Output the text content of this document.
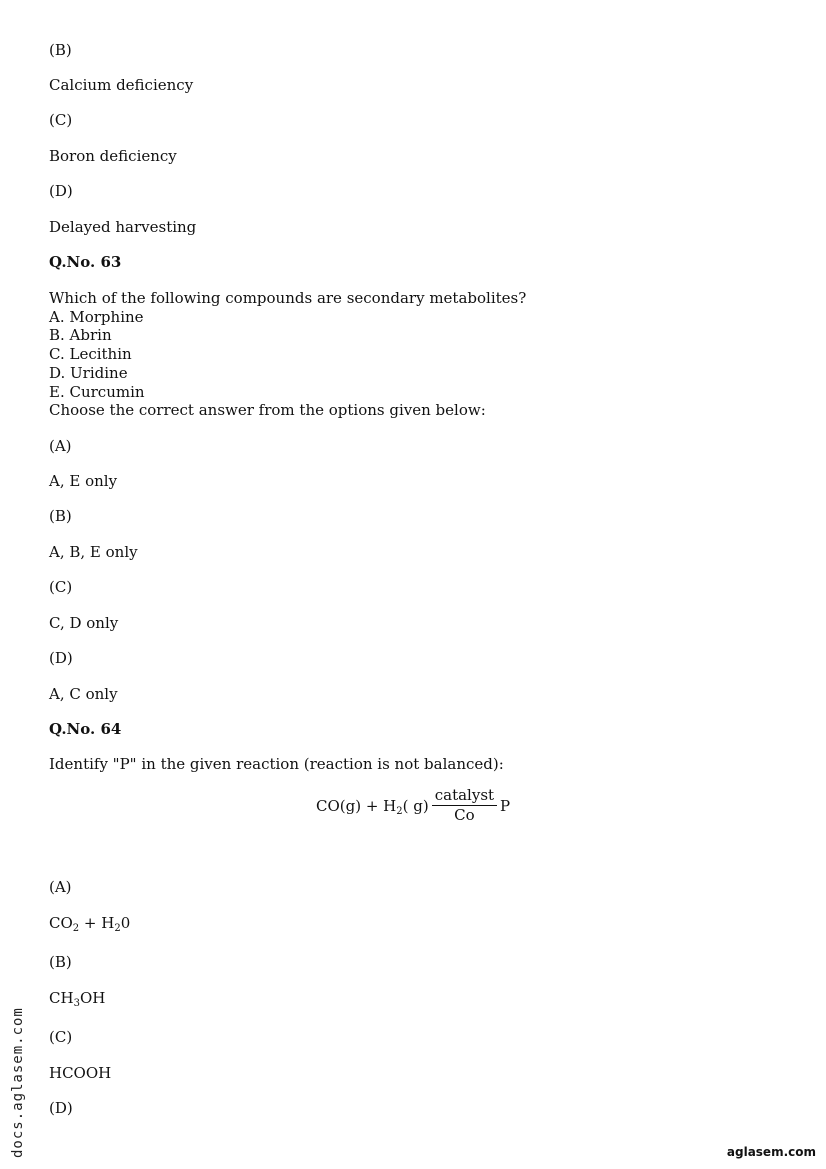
(B)
Calcium deficiency
(C)
Boron deficiency
(D)
Delayed harvesting
Q.No. 63
Which of the following compounds are secondary metabolites?
A. Morphine
B. Abrin
C. Lecithin
D. Uridine
E. Curcumin
Choose the correct answer from the options given below:
(A)
A, E only
(B)
A, B, E only
(C)
C, D only
(D)
A, C only
Q.No. 64
Identify "P" in the given reaction (reaction is not balanced):
$CO(g) + H_2$( $g) \frac{\text{catalyst}}{Co}$ P
(A)
$CO_2 + H_20$
(B)
$CH_3OH$
(C)
HCOOH
(D)
docs.aglasem.com	aglasem.com
